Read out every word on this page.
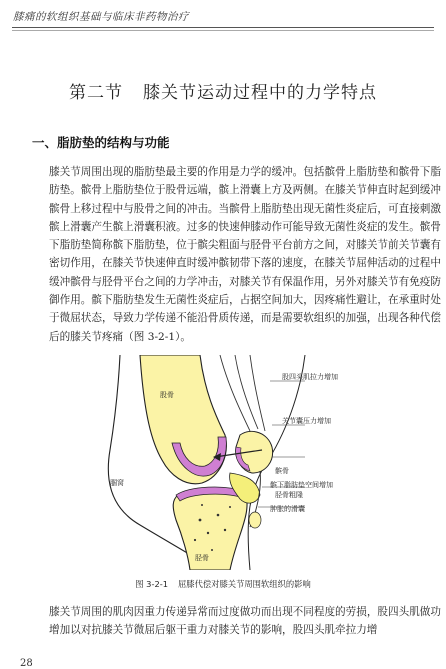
膝痛的软组织基础与临床非药物治疗
第二节 膝关节运动过程中的力学特点
一、脂肪垫的结构与功能
膝关节周围出现的脂肪垫最主要的作用是力学的缓冲。包括髌骨上脂肪垫和髌骨下脂肪垫。髌骨上脂肪垫位于股骨远端，髌上滑囊上方及两侧。在膝关节伸直时起到缓冲髌骨上移过程中与股骨之间的冲击。当髌骨上脂肪垫出现无菌性炎症后，可直接刺激髌上滑囊产生髌上滑囊积液。过多的快速伸膝动作可能导致无菌性炎症的发生。髌骨下脂肪垫简称髌下脂肪垫，位于髌尖粗面与胫骨平台前方之间，对膝关节前关节囊有密切作用，在膝关节快速伸直时缓冲髌韧带下落的速度，在膝关节屈伸活动的过程中缓冲髌骨与胫骨平台之间的力学冲击，对膝关节有保温作用，另外对膝关节有免疫防御作用。髌下脂肪垫发生无菌性炎症后，占据空间加大，因疼痛性避让，在承重时处于微屈状态，导致力学传递不能沿骨质传递，而是需要软组织的加强，出现各种代偿后的膝关节疼痛（图 3-2-1）。
股骨
胫骨
髌骨
腘窝
股四头肌拉力增加
关节囊压力增加
髌下脂肪垫空间增加
胫骨粗隆
肿胀的滑囊
图 3-2-1 屈膝代偿对膝关节周围软组织的影响
膝关节周围的肌肉因重力传递异常而过度做功而出现不同程度的劳损，股四头肌做功增加以对抗膝关节微屈后躯干重力对膝关节的影响，股四头肌牵拉力增
28
